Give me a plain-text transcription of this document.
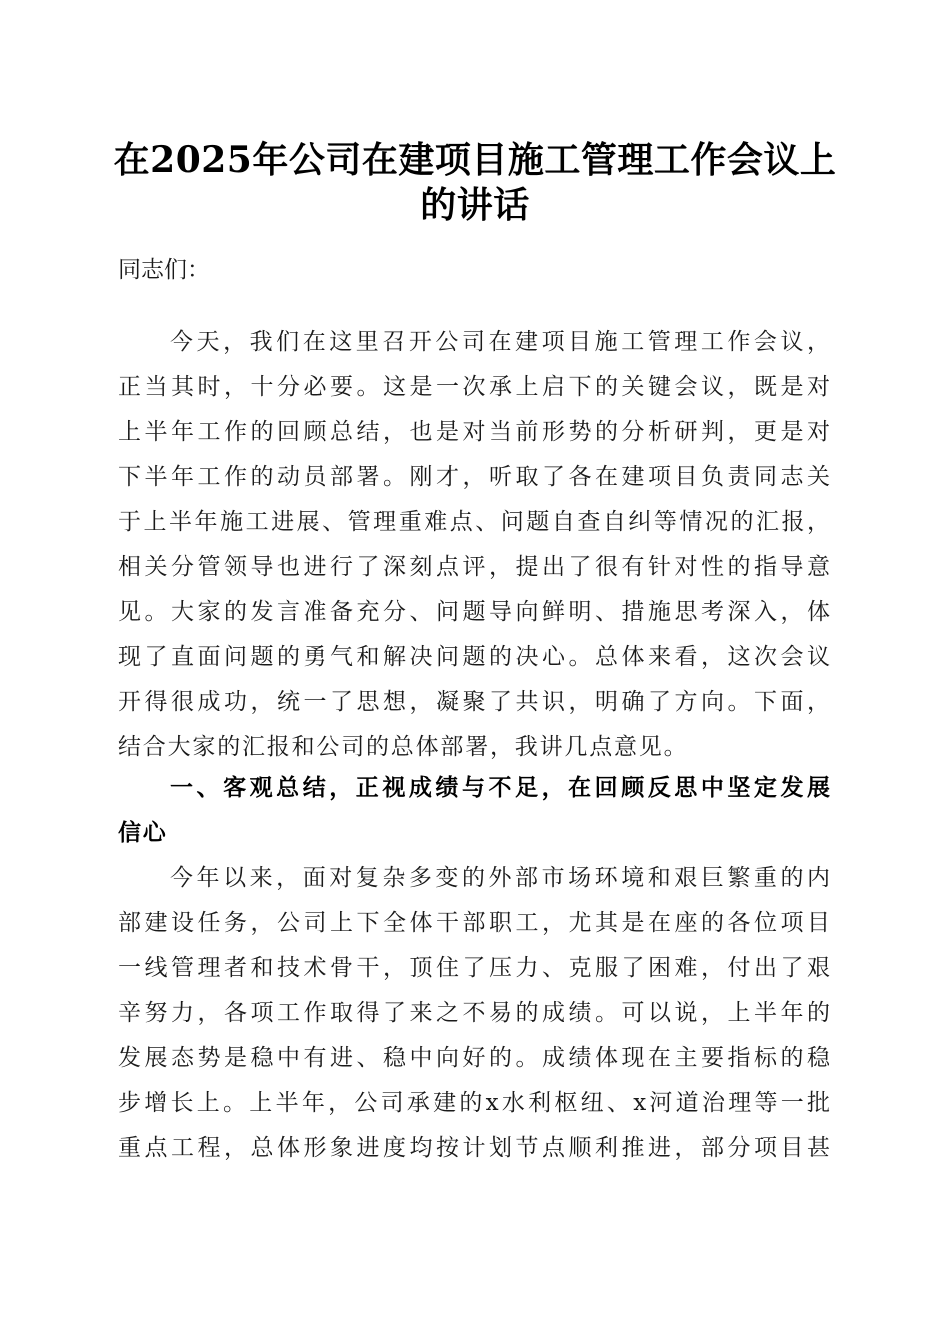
在2025年公司在建项目施工管理工作会议上
的讲话

同志们：

今天，我们在这里召开公司在建项目施工管理工作会议，

正当其时，十分必要。这是一次承上启下的关键会议，既是对

上半年工作的回顾总结，也是对当前形势的分析研判，更是对

下半年工作的动员部署。刚才，听取了各在建项目负责同志关

于上半年施工进展、管理重难点、问题自查自纠等情况的汇报，

相关分管领导也进行了深刻点评，提出了很有针对性的指导意

见。大家的发言准备充分、问题导向鲜明、措施思考深入，体

现了直面问题的勇气和解决问题的决心。总体来看，这次会议

开得很成功，统一了思想，凝聚了共识，明确了方向。下面，

结合大家的汇报和公司的总体部署，我讲几点意见。

一、客观总结，正视成绩与不足，在回顾反思中坚定发展

信心

今年以来，面对复杂多变的外部市场环境和艰巨繁重的内

部建设任务，公司上下全体干部职工，尤其是在座的各位项目

一线管理者和技术骨干，顶住了压力、克服了困难，付出了艰

辛努力，各项工作取得了来之不易的成绩。可以说，上半年的

发展态势是稳中有进、稳中向好的。成绩体现在主要指标的稳

步增长上。上半年，公司承建的x水利枢纽、x河道治理等一批

重点工程，总体形象进度均按计划节点顺利推进，部分项目甚
